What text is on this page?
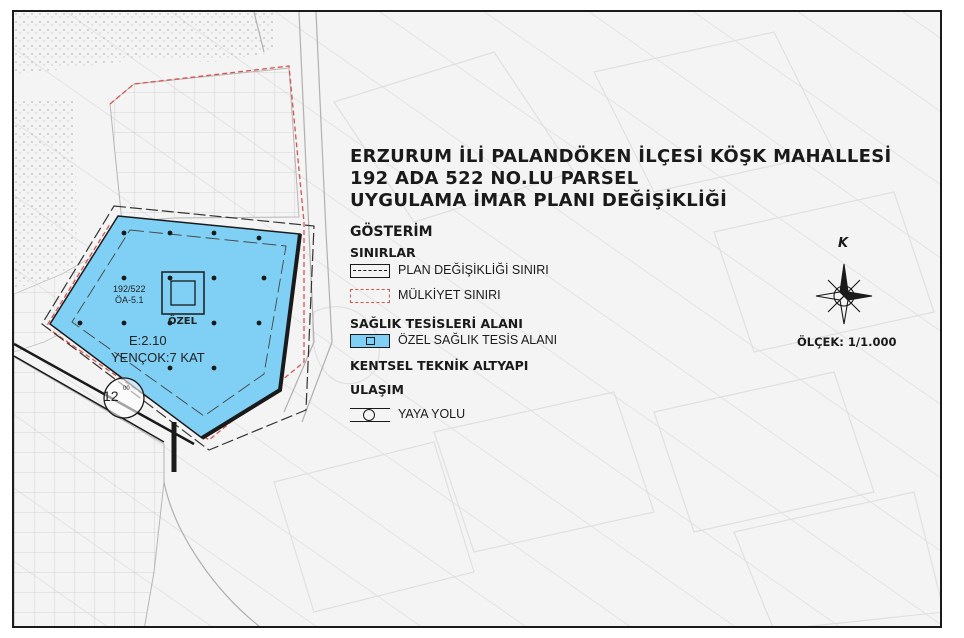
192/522
ÖA-5.1
ÖZEL
E:2.10
YENÇOK:7 KAT
12 00
ERZURUM İLİ PALANDÖKEN İLÇESİ KÖŞK MAHALLESİ
192 ADA 522 NO.LU PARSEL
UYGULAMA İMAR PLANI DEĞİŞİKLİĞİ
GÖSTERİM
SINIRLAR
PLAN DEĞİŞİKLİĞİ SINIRI
MÜLKİYET SINIRI
SAĞLIK TESİSLERİ ALANI
ÖZEL SAĞLIK TESİS ALANI
KENTSEL TEKNİK ALTYAPI
ULAŞIM
YAYA YOLU
K
ÖLÇEK: 1/1.000
